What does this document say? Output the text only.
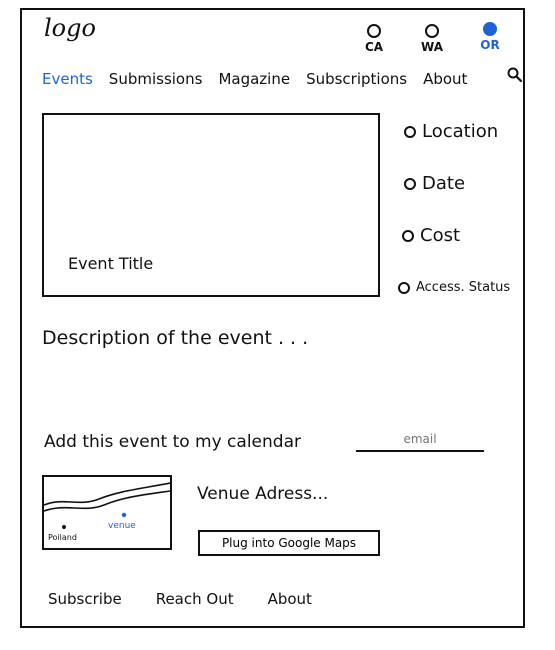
logo
CA	WA	OR
Events Submissions Magazine Subscriptions About
Event Title
Location
Date
Cost
Access. Status
Description of the event . . .
Add this event to my calendar
email
Poiland
venue
Venue Adress...
Plug into Google Maps
Subscribe Reach Out About
